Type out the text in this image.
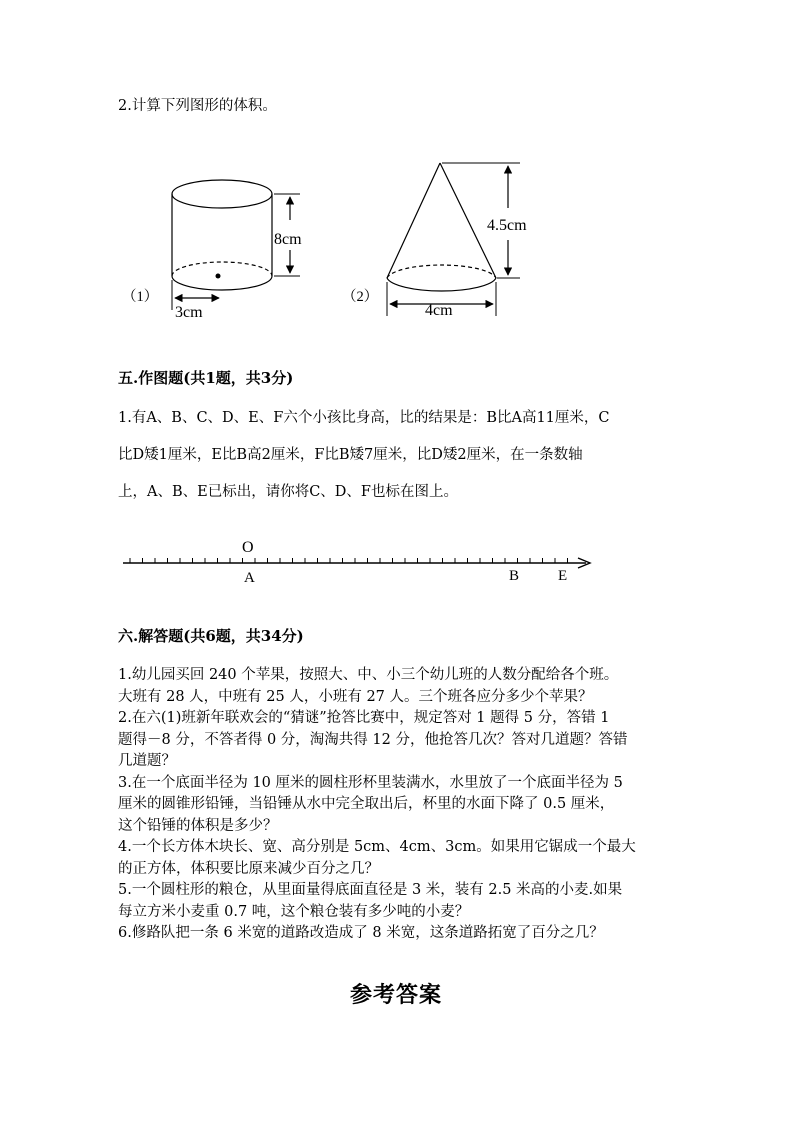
2.计算下列图形的体积。
8cm
3cm
（1）
4.5cm
4cm
（2）
五.作图题(共1题，共3分)
1.有A、B、C、D、E、F六个小孩比身高，比的结果是：B比A高11厘米，C
比D矮1厘米，E比B高2厘米，F比B矮7厘米，比D矮2厘米，在一条数轴
上，A、B、E已标出，请你将C、D、F也标在图上。
O
A	B	E
六.解答题(共6题，共34分)
1.幼儿园买回 240 个苹果，按照大、中、小三个幼儿班的人数分配给各个班。
大班有 28 人，中班有 25 人，小班有 27 人。三个班各应分多少个苹果？
2.在六(1)班新年联欢会的“猜谜”抢答比赛中，规定答对 1 题得 5 分，答错 1
题得－8 分，不答者得 0 分，淘淘共得 12 分，他抢答几次？答对几道题？答错
几道题？
3.在一个底面半径为 10 厘米的圆柱形杯里装满水，水里放了一个底面半径为 5
厘米的圆锥形铅锤，当铅锤从水中完全取出后，杯里的水面下降了 0.5 厘米，
这个铅锤的体积是多少？
4.一个长方体木块长、宽、高分别是 5cm、4cm、3cm。如果用它锯成一个最大
的正方体，体积要比原来减少百分之几？
5.一个圆柱形的粮仓，从里面量得底面直径是 3 米，装有 2.5 米高的小麦.如果
每立方米小麦重 0.7 吨，这个粮仓装有多少吨的小麦？
6.修路队把一条 6 米宽的道路改造成了 8 米宽，这条道路拓宽了百分之几？
参考答案
